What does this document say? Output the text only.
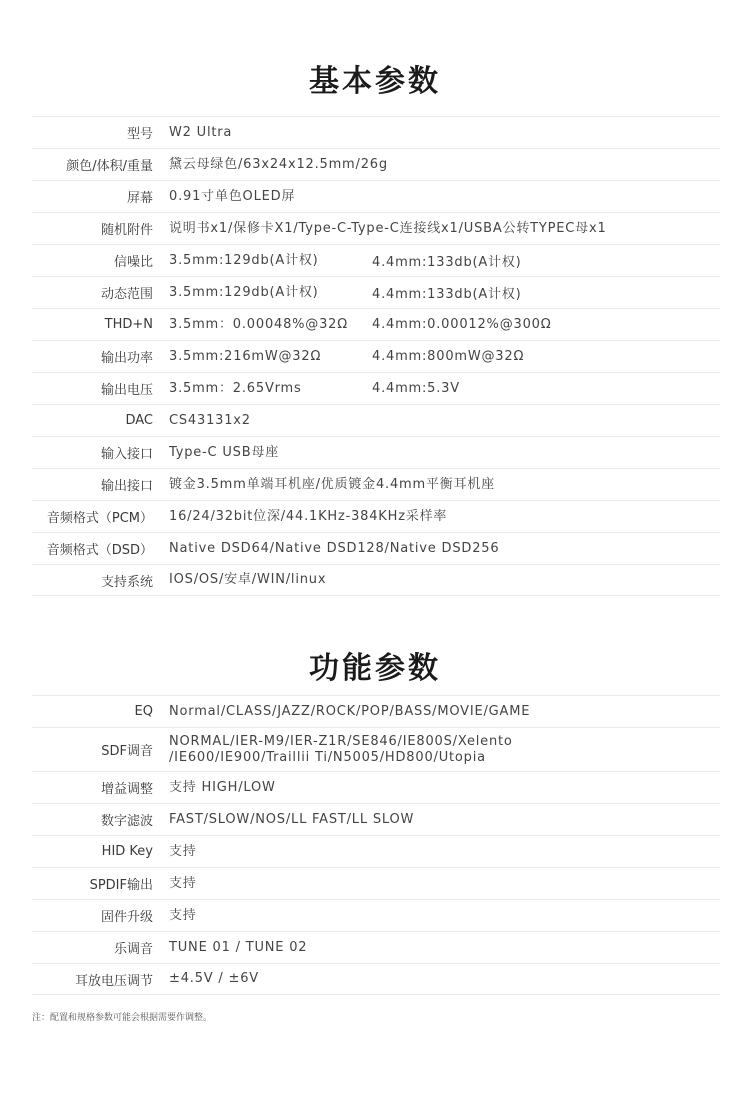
基本参数
型号 W2 Ultra
颜色/体积/重量 黛云母绿色/63x24x12.5mm/26g
屏幕 0.91寸单色OLED屏
随机附件 说明书x1/保修卡X1/Type-C-Type-C连接线x1/USBA公转TYPEC母x1
信噪比 3.5mm:129db(A计权)	4.4mm:133db(A计权)
动态范围 3.5mm:129db(A计权)	4.4mm:133db(A计权)
THD+N 3.5mm：0.00048%@32Ω 4.4mm:0.00012%@300Ω
输出功率 3.5mm:216mW@32Ω	4.4mm:800mW@32Ω
输出电压 3.5mm：2.65Vrms	4.4mm:5.3V
DAC CS43131x2
输入接口 Type-C USB母座
输出接口 镀金3.5mm单端耳机座/优质镀金4.4mm平衡耳机座
音频格式（PCM） 16/24/32bit位深/44.1KHz-384KHz采样率
音频格式（DSD） Native DSD64/Native DSD128/Native DSD256
支持系统 IOS/OS/安卓/WIN/linux
功能参数
EQ Normal/CLASS/JAZZ/ROCK/POP/BASS/MOVIE/GAME
SDF调音
NORMAL/IER-M9/IER-Z1R/SE846/IE800S/Xelento
/IE600/IE900/Traillii Ti/N5005/HD800/Utopia
增益调整 支持 HIGH/LOW
数字滤波 FAST/SLOW/NOS/LL FAST/LL SLOW
HID Key 支持
SPDIF输出 支持
固件升级 支持
乐调音 TUNE 01 / TUNE 02
耳放电压调节 ±4.5V / ±6V
注：配置和规格参数可能会根据需要作调整。
